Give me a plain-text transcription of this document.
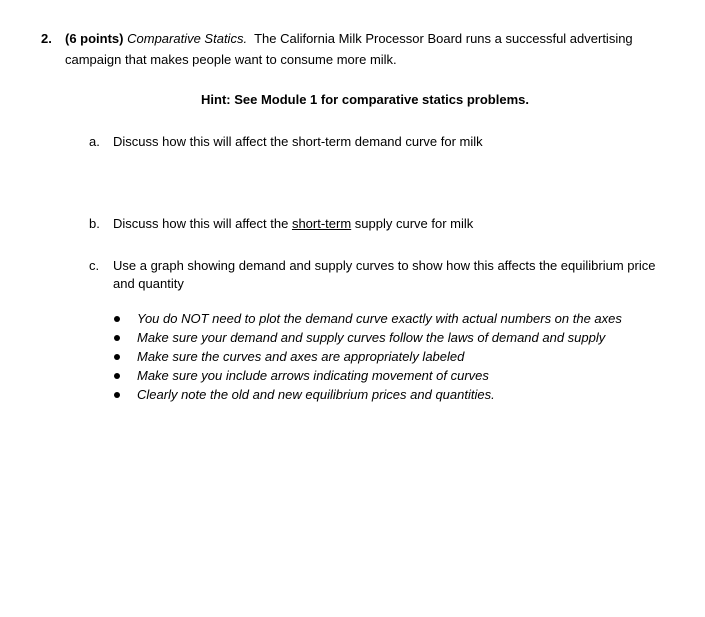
2. (6 points) Comparative Statics. The California Milk Processor Board runs a successful advertising
campaign that makes people want to consume more milk.
Hint: See Module 1 for comparative statics problems.
a. Discuss how this will affect the short-term demand curve for milk
b. Discuss how this will affect the short-term supply curve for milk
c. Use a graph showing demand and supply curves to show how this affects the equilibrium price
and quantity
You do NOT need to plot the demand curve exactly with actual numbers on the axes
Make sure your demand and supply curves follow the laws of demand and supply
Make sure the curves and axes are appropriately labeled
Make sure you include arrows indicating movement of curves
Clearly note the old and new equilibrium prices and quantities.
